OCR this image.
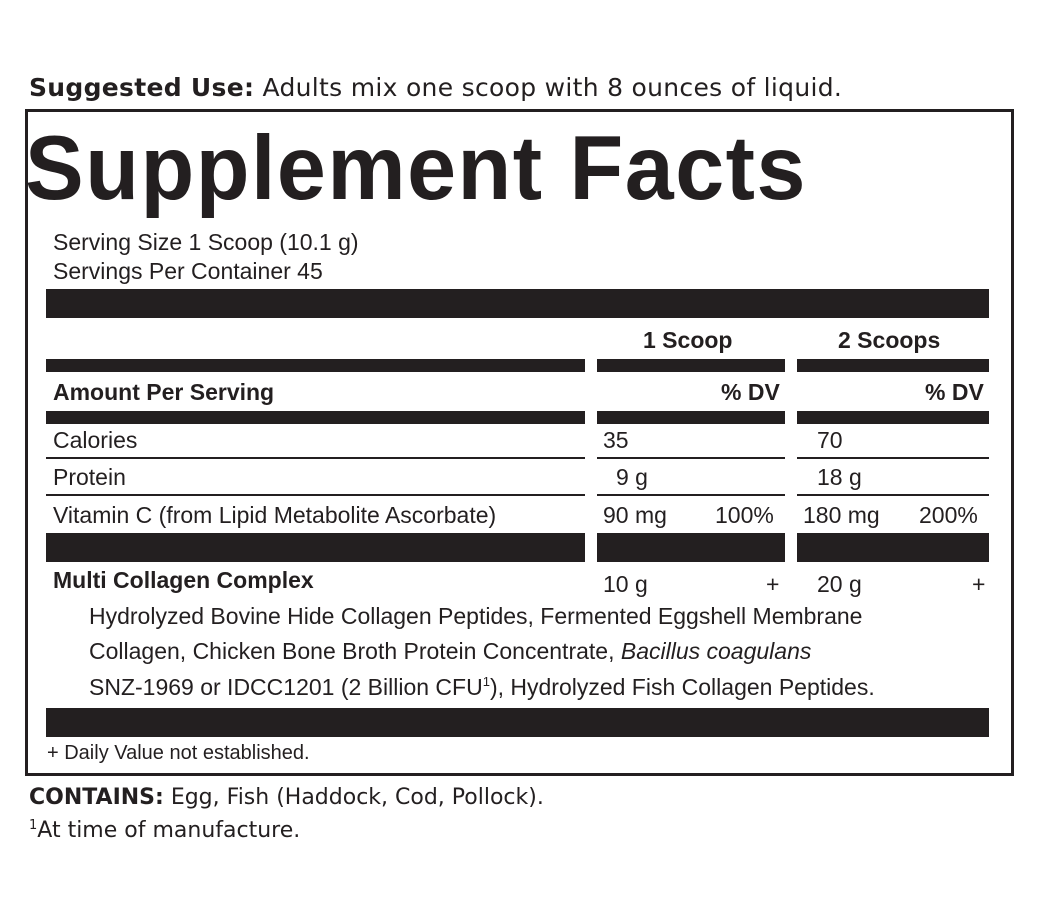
Suggested Use: Adults mix one scoop with 8 ounces of liquid.
Supplement Facts
Serving Size 1 Scoop (10.1 g)
Servings Per Container 45
1 Scoop	2 Scoops
Amount Per Serving	% DV	% DV
Calories	35	70
Protein	9 g	18 g
Vitamin C (from Lipid Metabolite Ascorbate)	90 mg 100% 180 mg 200%
Multi Collagen Complex	10 g	+ 20 g	+
Hydrolyzed Bovine Hide Collagen Peptides, Fermented Eggshell Membrane
Collagen, Chicken Bone Broth Protein Concentrate, Bacillus coagulans
SNZ-1969 or IDCC1201 (2 Billion CFU$^1$), Hydrolyzed Fish Collagen Peptides.
+ Daily Value not established.
CONTAINS: Egg, Fish (Haddock, Cod, Pollock).
$^1$At time of manufacture.
